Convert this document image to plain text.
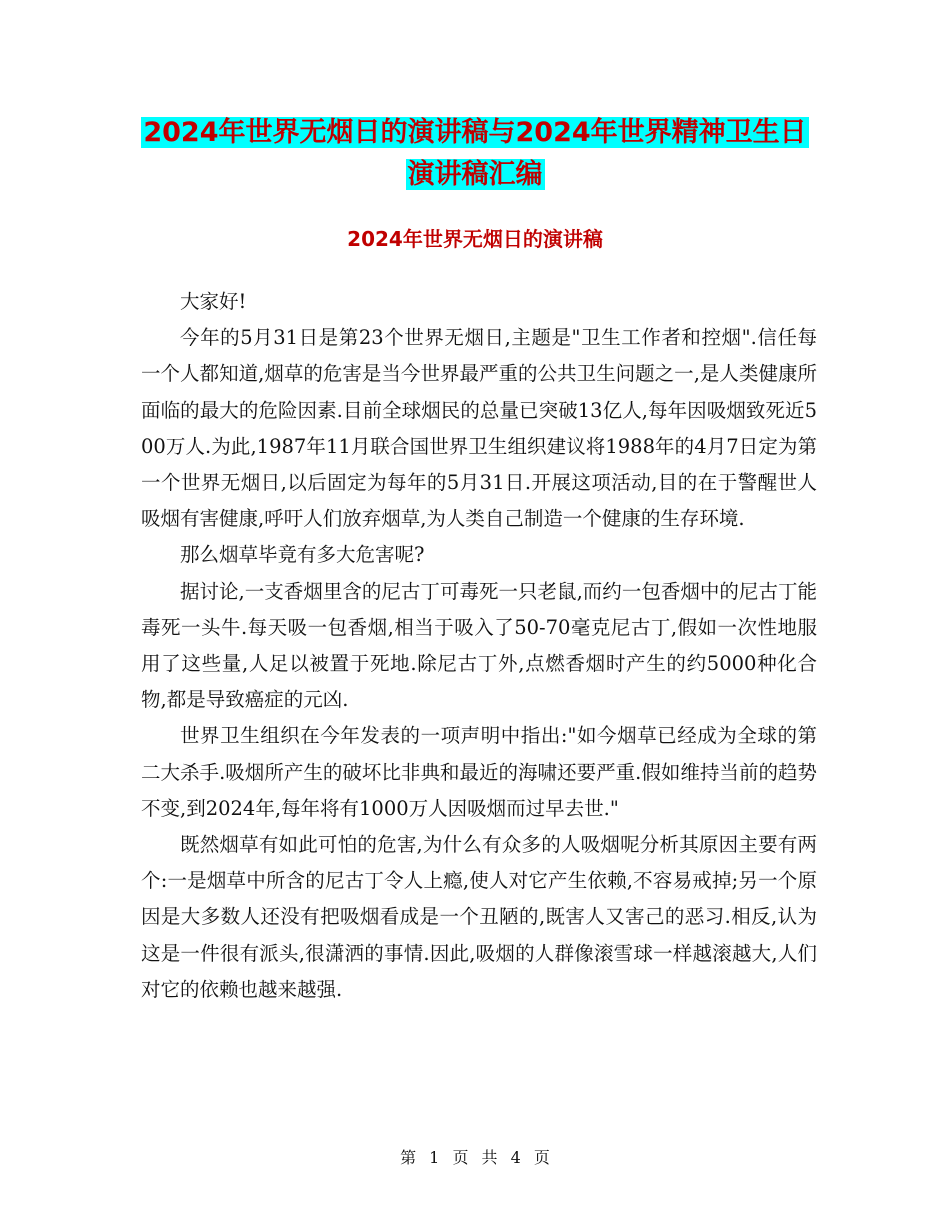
2024年世界无烟日的演讲稿与2024年世界精神卫生日
演讲稿汇编
2024年世界无烟日的演讲稿

大家好!

今年的5月31日是第23个世界无烟日,主题是"卫生工作者和控烟".信任每一个人都知道,烟草的危害是当今世界最严重的公共卫生问题之一,是人类健康所面临的最大的危险因素.目前全球烟民的总量已突破13亿人,每年因吸烟致死近500万人.为此,1987年11月联合国世界卫生组织建议将1988年的4月7日定为第一个世界无烟日,以后固定为每年的5月31日.开展这项活动,目的在于警醒世人吸烟有害健康,呼吁人们放弃烟草,为人类自己制造一个健康的生存环境.

那么烟草毕竟有多大危害呢?

据讨论,一支香烟里含的尼古丁可毒死一只老鼠,而约一包香烟中的尼古丁能毒死一头牛.每天吸一包香烟,相当于吸入了50-70毫克尼古丁,假如一次性地服用了这些量,人足以被置于死地.除尼古丁外,点燃香烟时产生的约5000种化合物,都是导致癌症的元凶.

世界卫生组织在今年发表的一项声明中指出:"如今烟草已经成为全球的第二大杀手.吸烟所产生的破坏比非典和最近的海啸还要严重.假如维持当前的趋势不变,到2024年,每年将有1000万人因吸烟而过早去世."

既然烟草有如此可怕的危害,为什么有众多的人吸烟呢分析其原因主要有两个:一是烟草中所含的尼古丁令人上瘾,使人对它产生依赖,不容易戒掉;另一个原因是大多数人还没有把吸烟看成是一个丑陋的,既害人又害己的恶习.相反,认为这是一件很有派头,很潇洒的事情.因此,吸烟的人群像滚雪球一样越滚越大,人们对它的依赖也越来越强.

第 1 页 共 4 页
